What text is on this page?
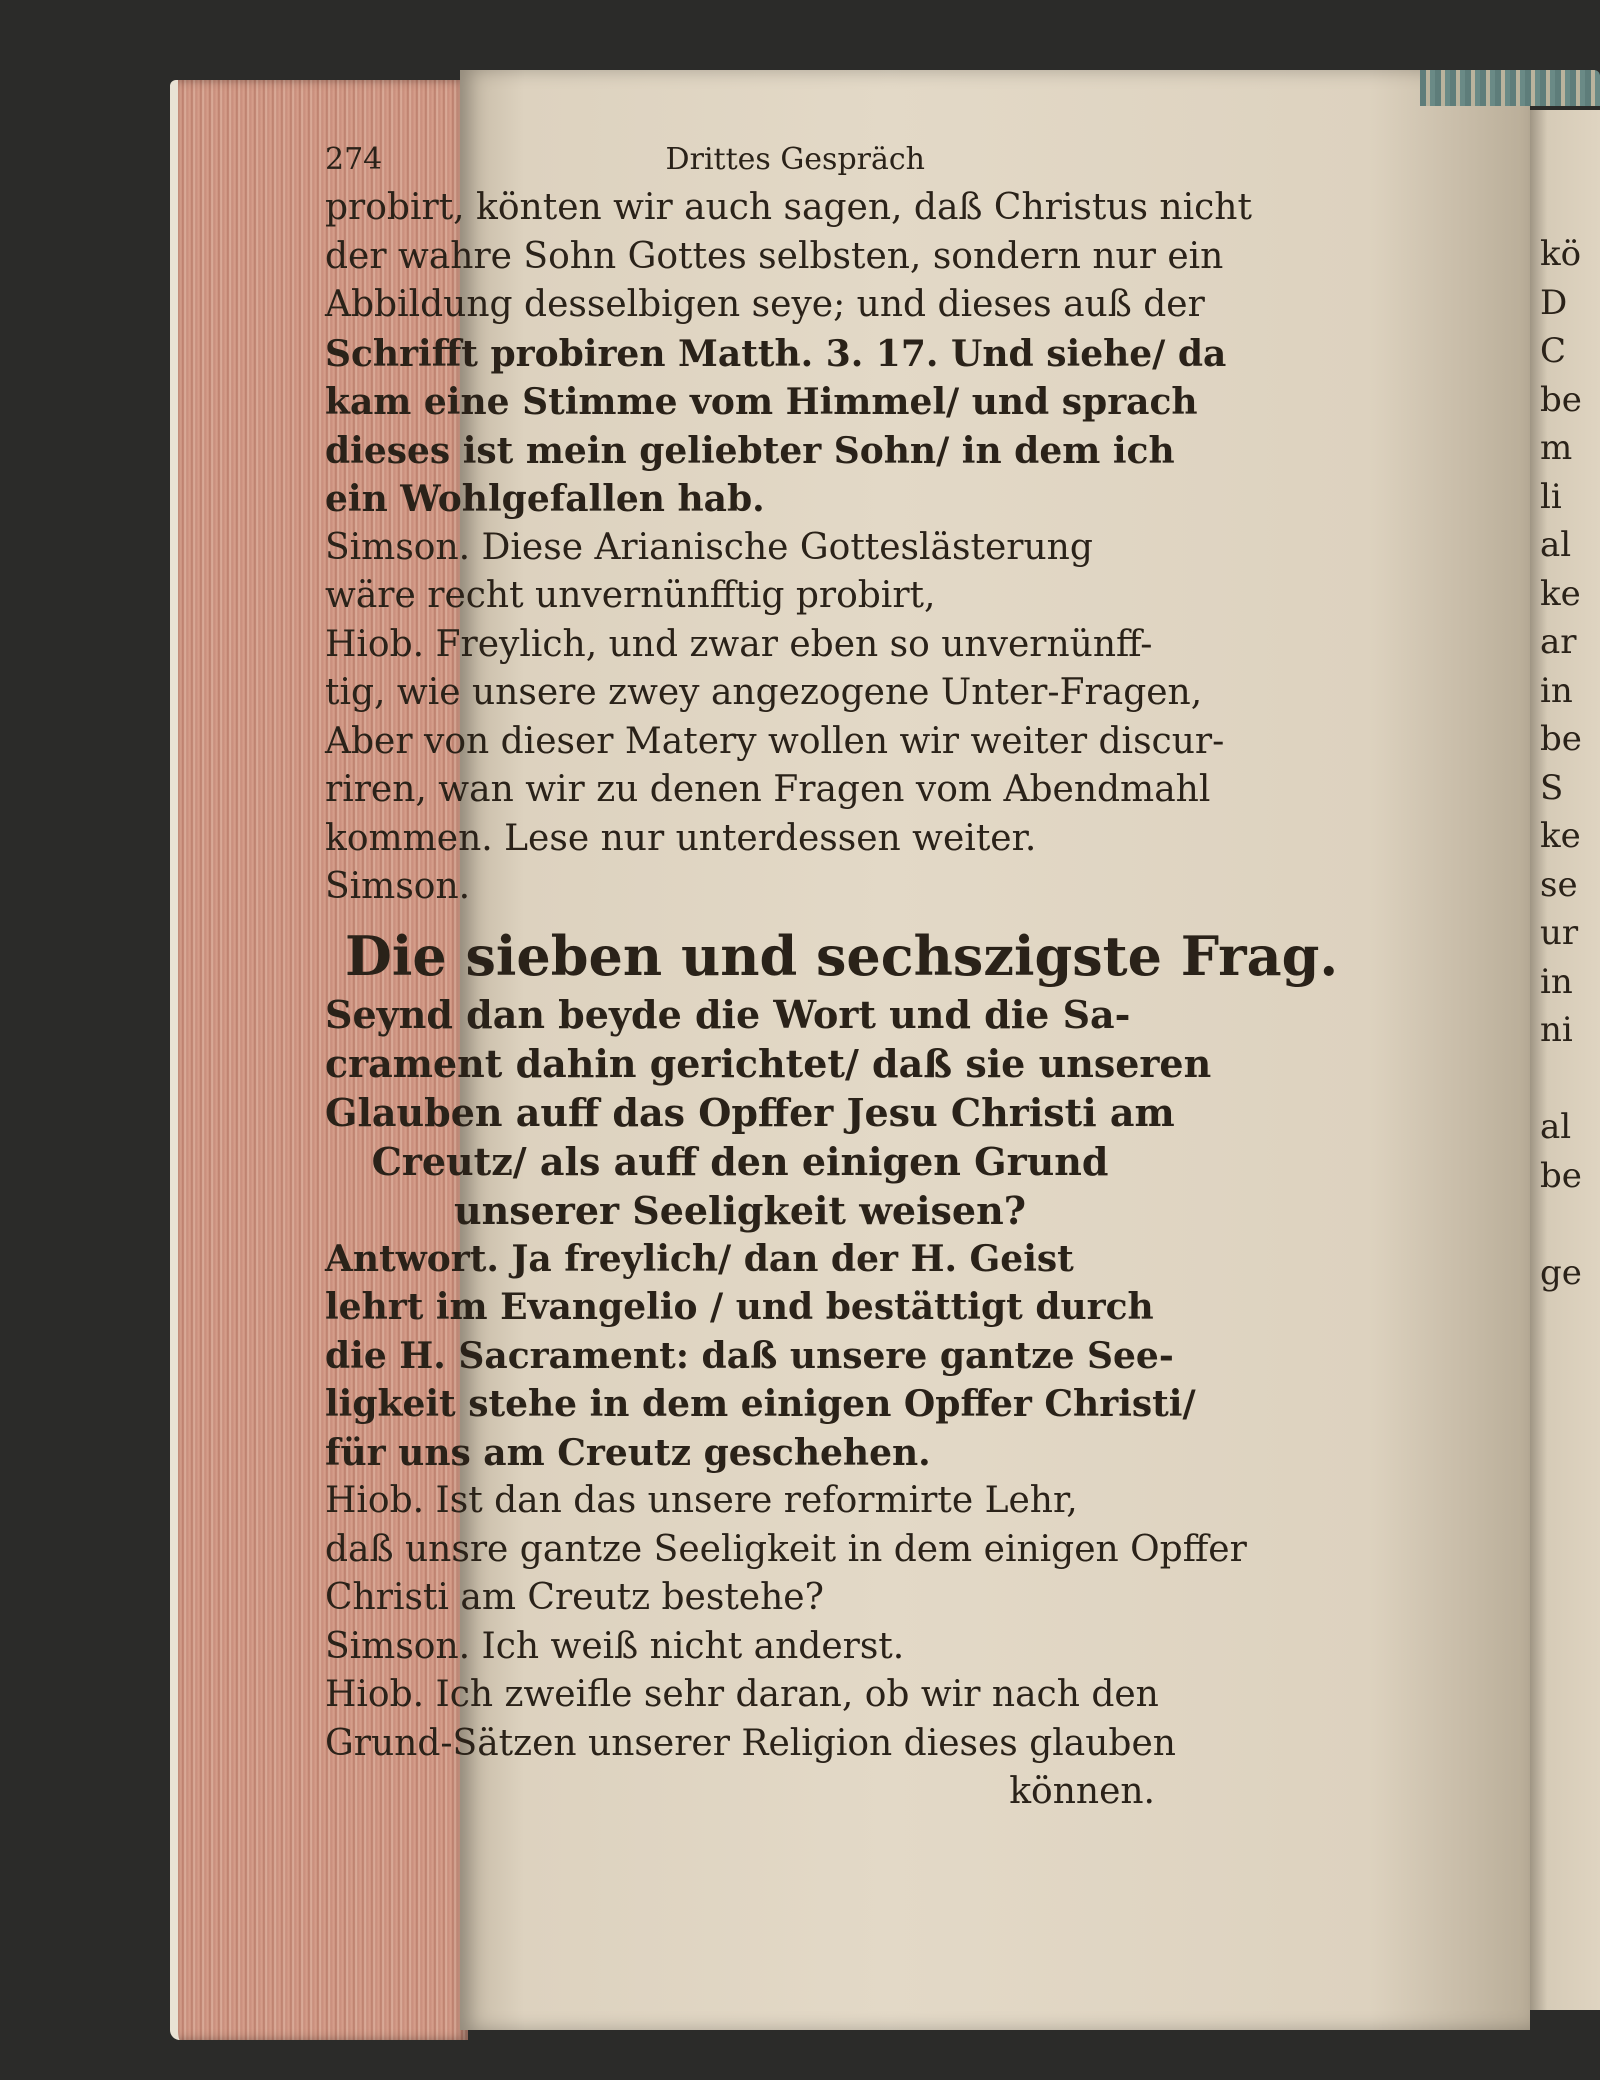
kö
D
C
be
m
li
al
ke
ar
in
be
S
ke
se
ur
in
ni

al
be

ge
274	Drittes Gespräch
probirt, könten wir auch sagen, daß Christus nicht
der wahre Sohn Gottes selbsten, sondern nur ein
Abbildung desselbigen seye; und dieses auß der
Schrifft probiren Matth. 3. 17. Und siehe/ da
kam eine Stimme vom Himmel/ und sprach
dieses ist mein geliebter Sohn/ in dem ich
ein Wohlgefallen hab.
Simson. Diese Arianische Gotteslästerung
wäre recht unvernünfftig probirt,
Hiob. Freylich, und zwar eben so unvernünff-
tig, wie unsere zwey angezogene Unter-Fragen,
Aber von dieser Matery wollen wir weiter discur-
riren, wan wir zu denen Fragen vom Abendmahl
kommen. Lese nur unterdessen weiter.
Simson.
Die sieben und sechszigste Frag.
Seynd dan beyde die Wort und die Sa-
crament dahin gerichtet/ daß sie unseren
Glauben auff das Opffer Jesu Christi am
Creutz/ als auff den einigen Grund
unserer Seeligkeit weisen?
Antwort. Ja freylich/ dan der H. Geist
lehrt im Evangelio / und bestättigt durch
die H. Sacrament: daß unsere gantze See-
ligkeit stehe in dem einigen Opffer Christi/
für uns am Creutz geschehen.
Hiob. Ist dan das unsere reformirte Lehr,
daß unsre gantze Seeligkeit in dem einigen Opffer
Christi am Creutz bestehe?
Simson. Ich weiß nicht anderst.
Hiob. Ich zweifle sehr daran, ob wir nach den
Grund-Sätzen unserer Religion dieses glauben
können.
